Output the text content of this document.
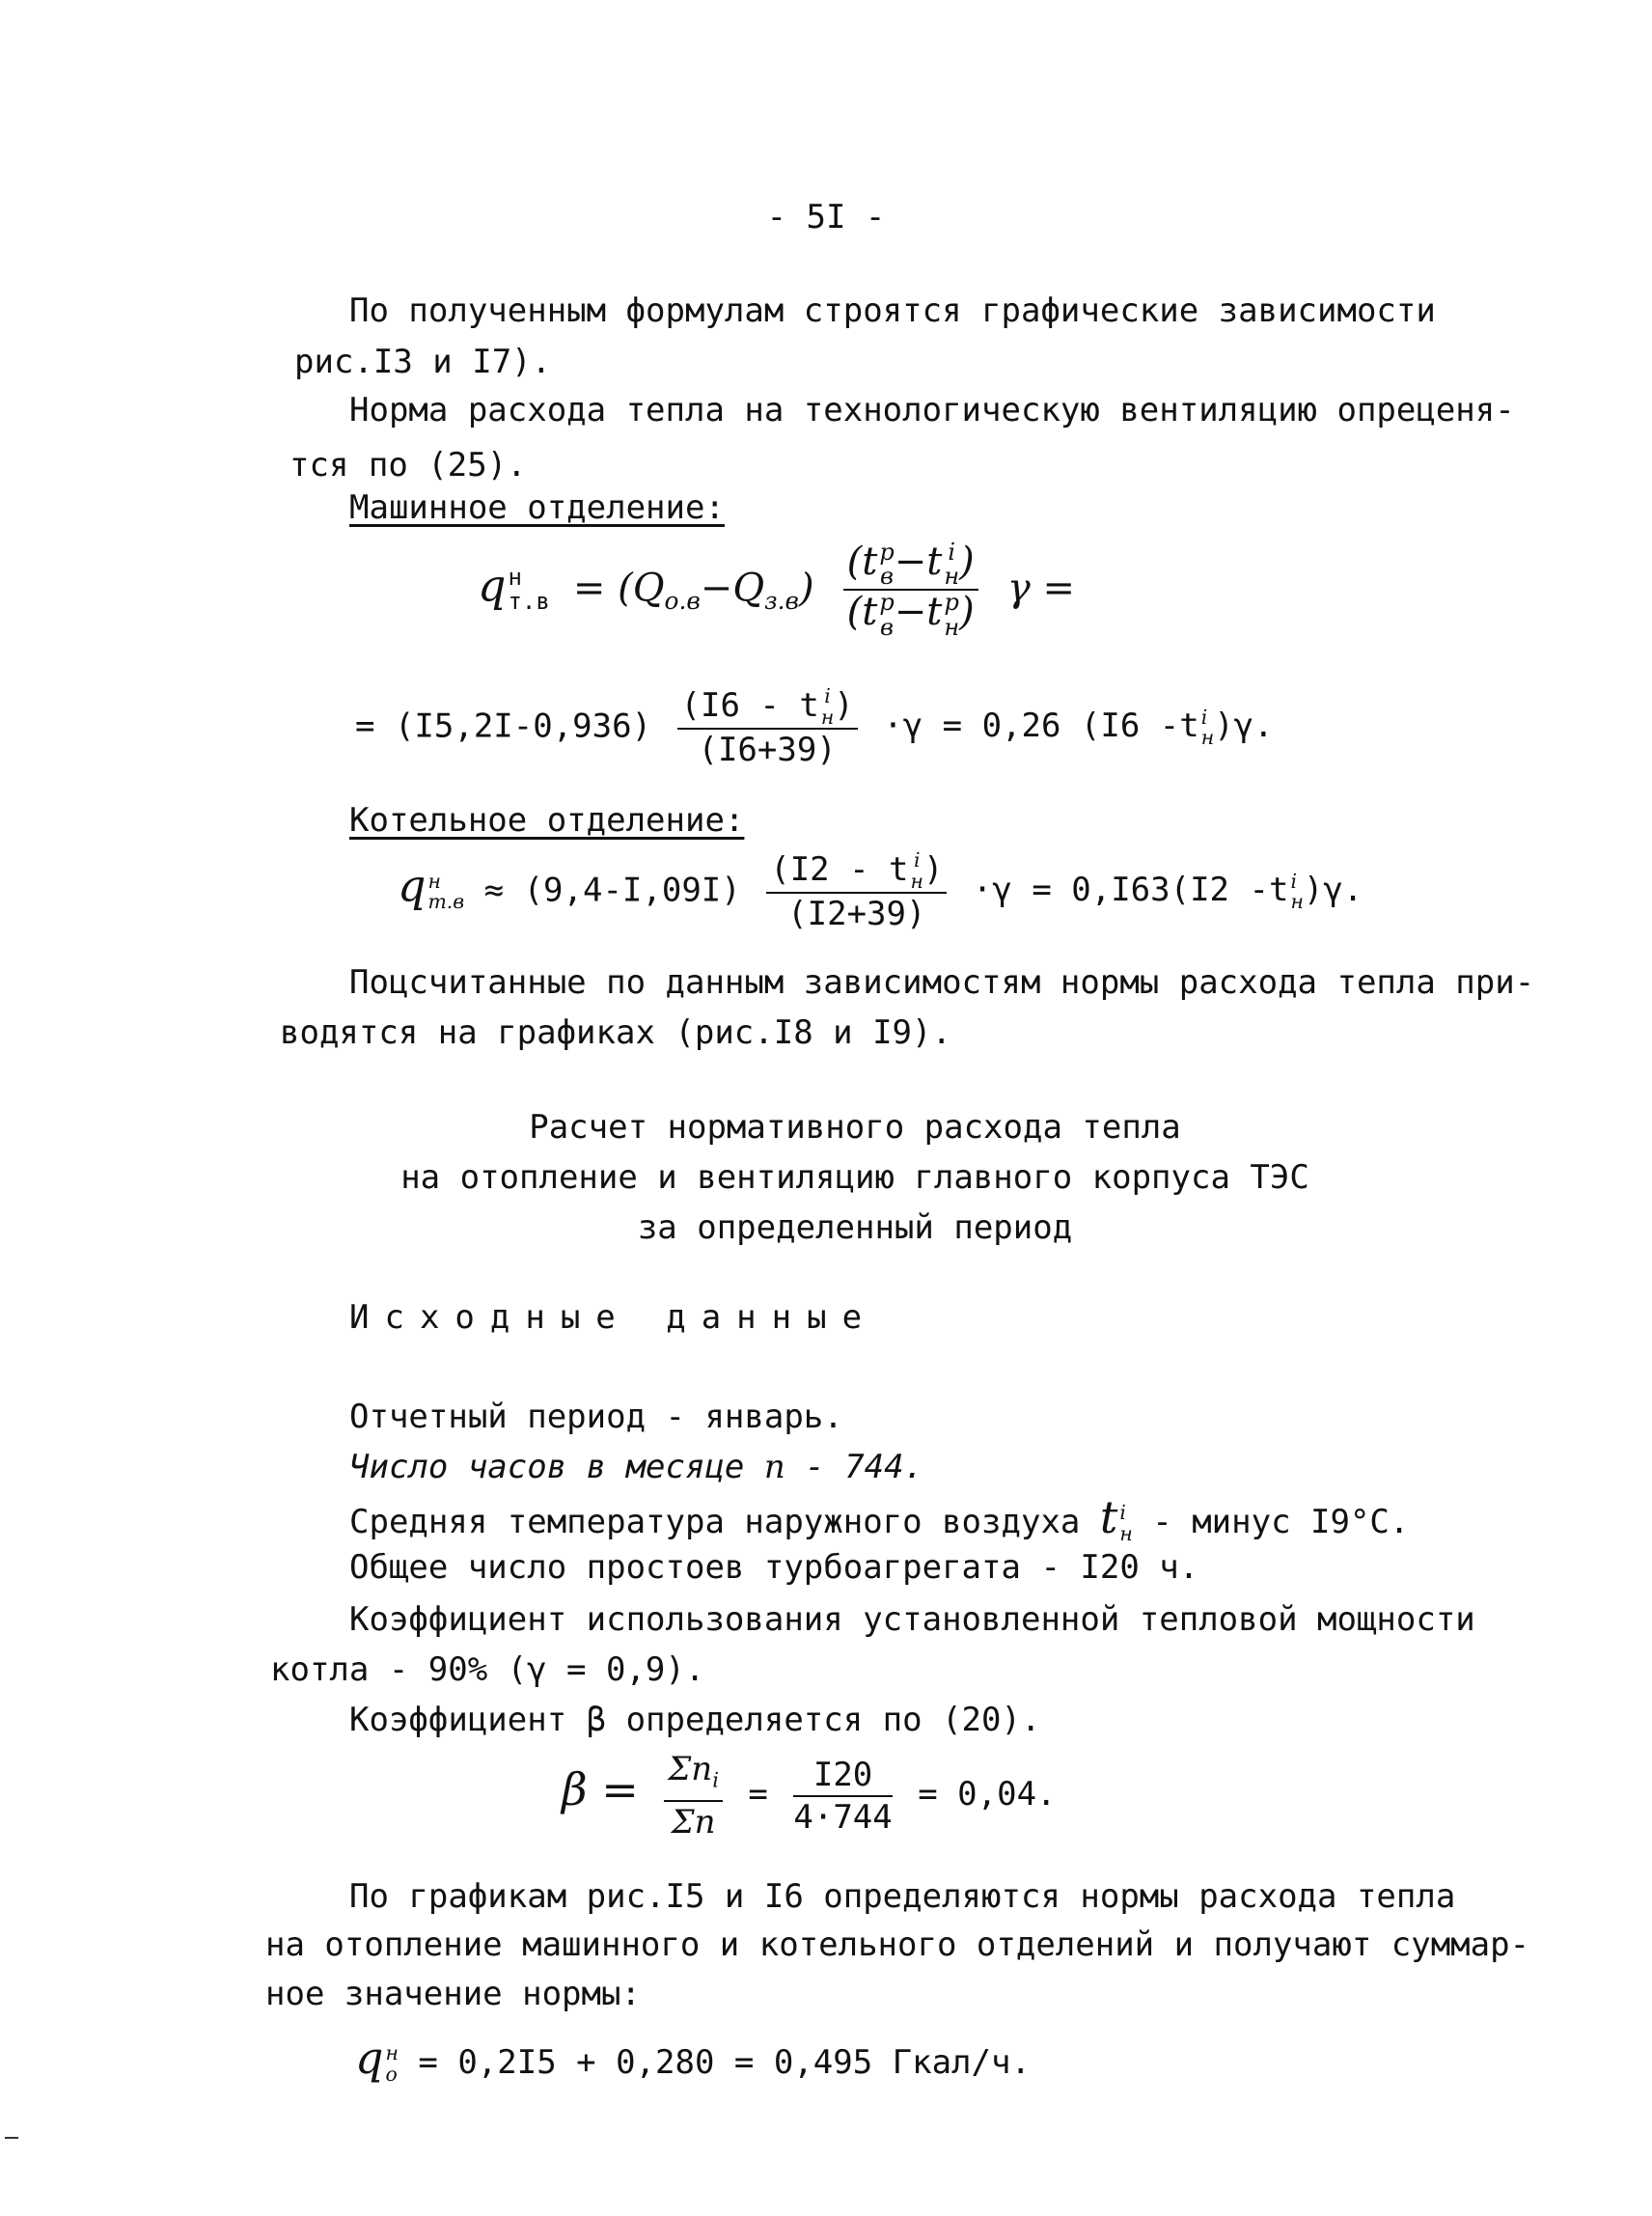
- 5I -
По полученным формулам строятся графические зависимости
рис.I3 и I7).
Норма расхода тепла на технологическую вентиляцию опреценя-
тся по (25).
Машинное отделение:
q н
$т.в = (Q_{о.в}-Q_{з.в})$ (t р
в −t i
н )
(t р
в −t р
н ) γ =
= (I5,2I-0,936) (I6 - t i
н )
(I6+39) ·γ = 0,26 (I6 -t i
н )γ.
Котельное отделение:
q н
т.в ≈ (9,4-I,09I) (I2 - t i
н )
(I2+39) ·γ = 0,I63(I2 -t i
н )γ.
Поцсчитанные по данным зависимостям нормы расхода тепла при-
водятся на графиках (рис.I8 и I9).
Расчет нормативного расхода тепла
на отопление и вентиляцию главного корпуса ТЭС
за определенный период
Исходные данные
Отчетный период - январь.
Число часов в месяце n - 744.
Средняя температура наружного воздуха t i
н - минус I9°С.
Общее число простоев турбоагрегата - I20 ч.
Коэффициент использования установленной тепловой мощности
котла - 90% (γ = 0,9).
Коэффициент β определяется по (20).
$\beta = \frac{\Sigma n_i}{\Sigma n} = \frac{I20}{4\cdot 744} = 0,04$.
По графикам рис.I5 и I6 определяются нормы расхода тепла
на отопление машинного и котельного отделений и получают суммар-
ное значение нормы:
q н
о = 0,2I5 + 0,280 = 0,495 Гкал/ч.
